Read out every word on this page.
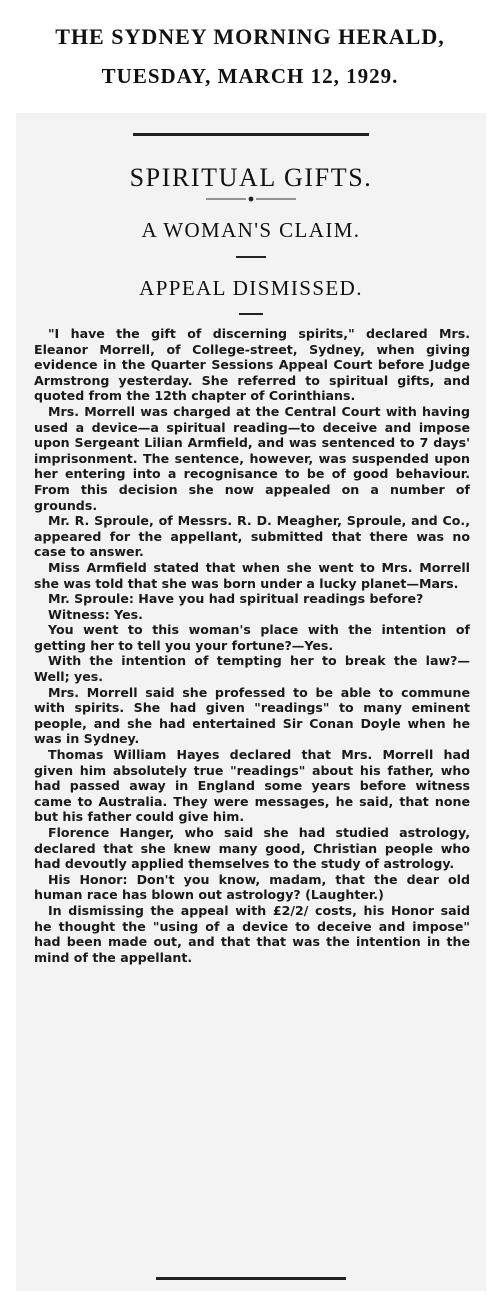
THE SYDNEY MORNING HERALD,
TUESDAY, MARCH 12, 1929.
SPIRITUAL GIFTS.
A WOMAN'S CLAIM.
APPEAL DISMISSED.

"I have the gift of discerning spirits," declared Mrs. Eleanor Morrell, of College-street, Sydney, when giving evidence in the Quarter Sessions Appeal Court before Judge Armstrong yesterday. She referred to spiritual gifts, and quoted from the 12th chapter of Corinthians.

Mrs. Morrell was charged at the Central Court with having used a device—a spiritual reading—to deceive and impose upon Sergeant Lilian Armfield, and was sentenced to 7 days' imprisonment. The sentence, however, was suspended upon her entering into a recognisance to be of good behaviour. From this decision she now appealed on a number of grounds.

Mr. R. Sproule, of Messrs. R. D. Meagher, Sproule, and Co., appeared for the appellant, submitted that there was no case to answer.

Miss Armfield stated that when she went to Mrs. Morrell she was told that she was born under a lucky planet—Mars.

Mr. Sproule: Have you had spiritual readings before?

Witness: Yes.

You went to this woman's place with the intention of getting her to tell you your fortune?—Yes.

With the intention of tempting her to break the law?—Well; yes.

Mrs. Morrell said she professed to be able to commune with spirits. She had given "readings" to many eminent people, and she had entertained Sir Conan Doyle when he was in Sydney.

Thomas William Hayes declared that Mrs. Morrell had given him absolutely true "readings" about his father, who had passed away in England some years before witness came to Australia. They were messages, he said, that none but his father could give him.

Florence Hanger, who said she had studied astrology, declared that she knew many good, Christian people who had devoutly applied themselves to the study of astrology.

His Honor: Don't you know, madam, that the dear old human race has blown out astrology? (Laughter.)

In dismissing the appeal with £2/2/ costs, his Honor said he thought the "using of a device to deceive and impose" had been made out, and that that was the intention in the mind of the appellant.
